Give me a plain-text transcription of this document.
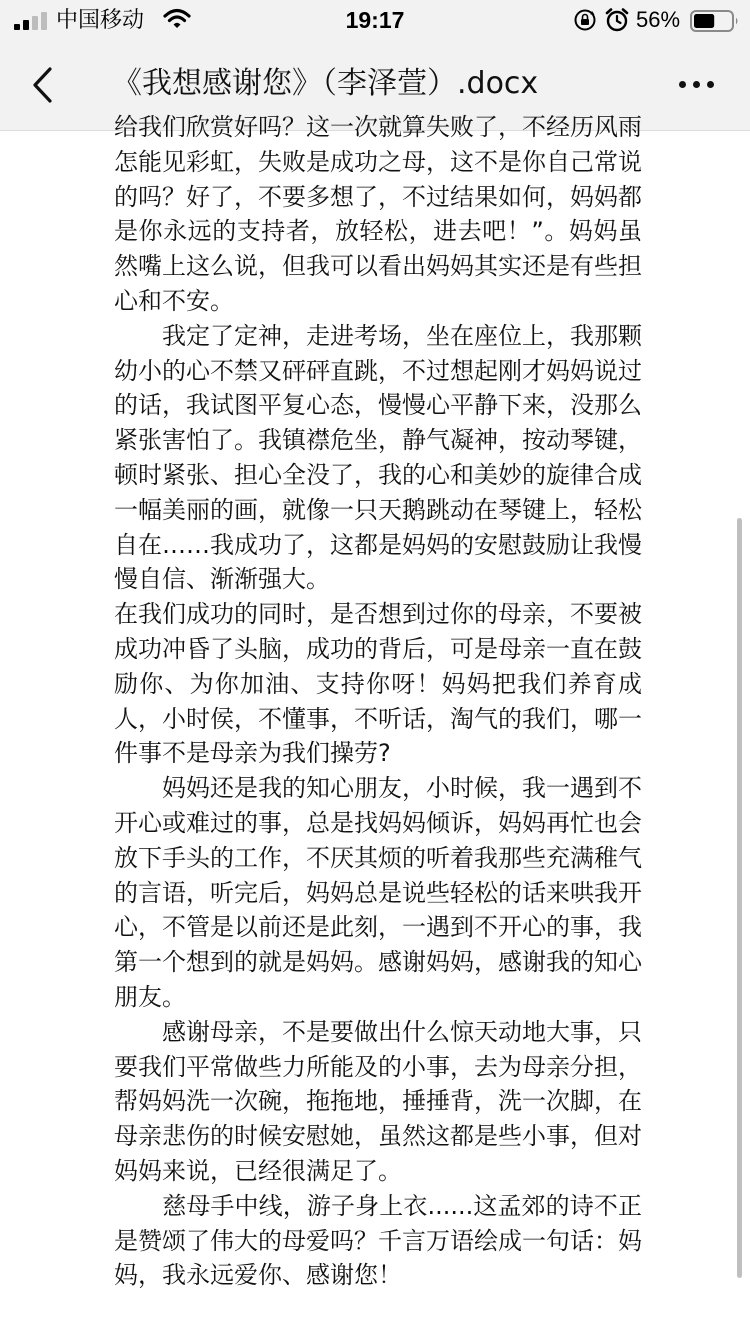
中国移动	19:17	56%
《我想感谢您》（李泽萱）.docx

给我们欣赏好吗？这一次就算失败了，不经历风雨怎能见彩虹，失败是成功之母，这不是你自己常说的吗？好了，不要多想了，不过结果如何，妈妈都是你永远的支持者，放轻松，进去吧！”。妈妈虽然嘴上这么说，但我可以看出妈妈其实还是有些担心和不安。

　　我定了定神，走进考场，坐在座位上，我那颗幼小的心不禁又砰砰直跳，不过想起刚才妈妈说过的话，我试图平复心态，慢慢心平静下来，没那么紧张害怕了。我镇襟危坐，静气凝神，按动琴键，顿时紧张、担心全没了，我的心和美妙的旋律合成一幅美丽的画，就像一只天鹅跳动在琴键上，轻松自在……我成功了，这都是妈妈的安慰鼓励让我慢慢自信、渐渐强大。

在我们成功的同时，是否想到过你的母亲，不要被成功冲昏了头脑，成功的背后，可是母亲一直在鼓励你、为你加油、支持你呀！妈妈把我们养育成人，小时侯，不懂事，不听话，淘气的我们，哪一件事不是母亲为我们操劳?

　　妈妈还是我的知心朋友，小时候，我一遇到不开心或难过的事，总是找妈妈倾诉，妈妈再忙也会放下手头的工作，不厌其烦的听着我那些充满稚气的言语，听完后，妈妈总是说些轻松的话来哄我开心，不管是以前还是此刻，一遇到不开心的事，我第一个想到的就是妈妈。感谢妈妈，感谢我的知心朋友。

　　感谢母亲，不是要做出什么惊天动地大事，只要我们平常做些力所能及的小事，去为母亲分担，帮妈妈洗一次碗，拖拖地，捶捶背，洗一次脚，在母亲悲伤的时候安慰她，虽然这都是些小事，但对妈妈来说，已经很满足了。

　　慈母手中线，游子身上衣......这孟郊的诗不正是赞颂了伟大的母爱吗？千言万语绘成一句话：妈妈，我永远爱你、感谢您！
